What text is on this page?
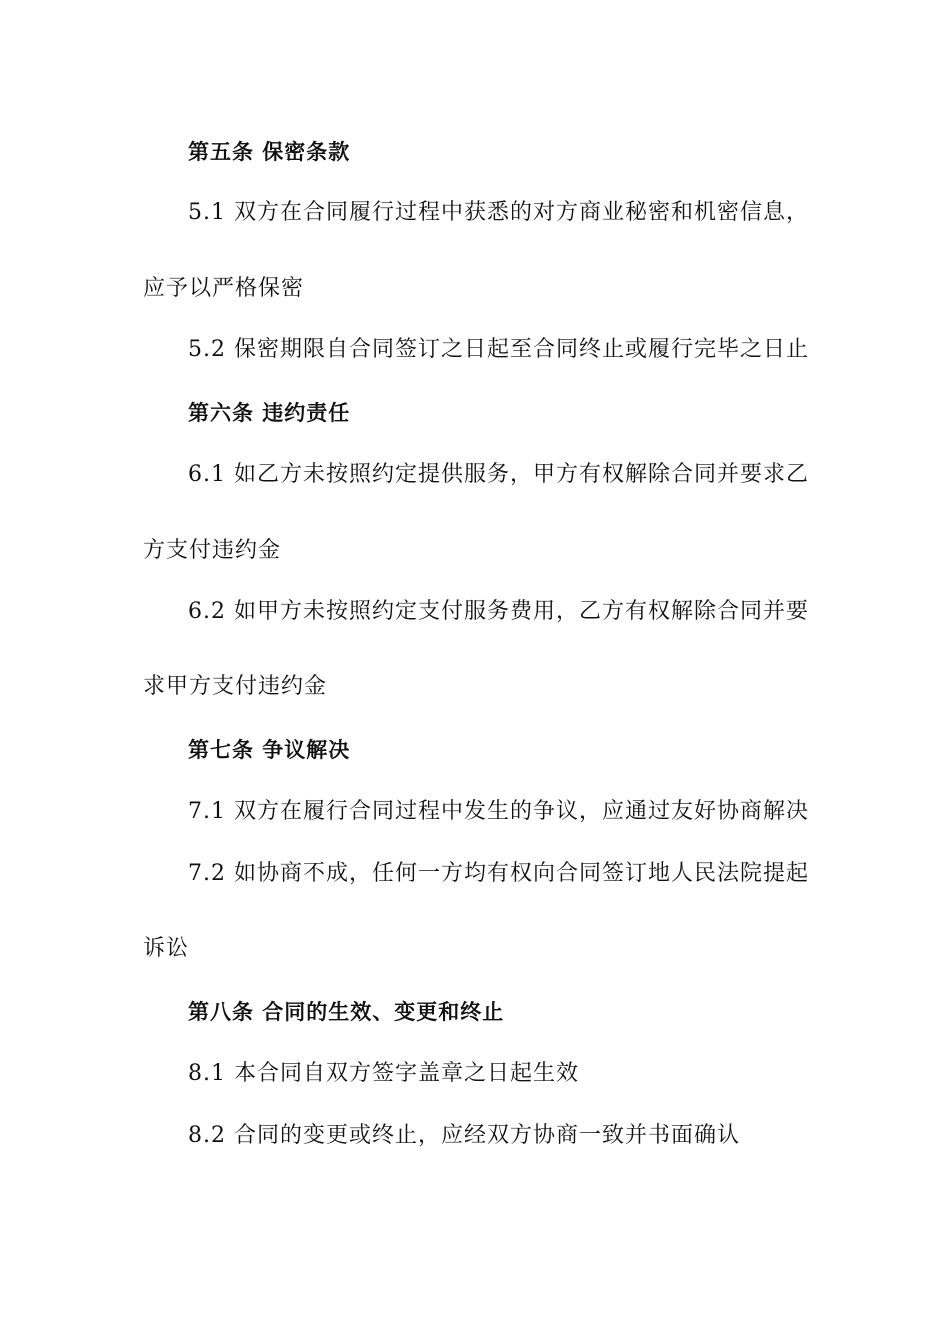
第五条 保密条款
5.1 双方在合同履行过程中获悉的对方商业秘密和机密信息，
应予以严格保密
5.2 保密期限自合同签订之日起至合同终止或履行完毕之日止
第六条 违约责任
6.1 如乙方未按照约定提供服务，甲方有权解除合同并要求乙
方支付违约金
6.2 如甲方未按照约定支付服务费用，乙方有权解除合同并要
求甲方支付违约金
第七条 争议解决
7.1 双方在履行合同过程中发生的争议，应通过友好协商解决
7.2 如协商不成，任何一方均有权向合同签订地人民法院提起
诉讼
第八条 合同的生效、变更和终止
8.1 本合同自双方签字盖章之日起生效
8.2 合同的变更或终止，应经双方协商一致并书面确认
